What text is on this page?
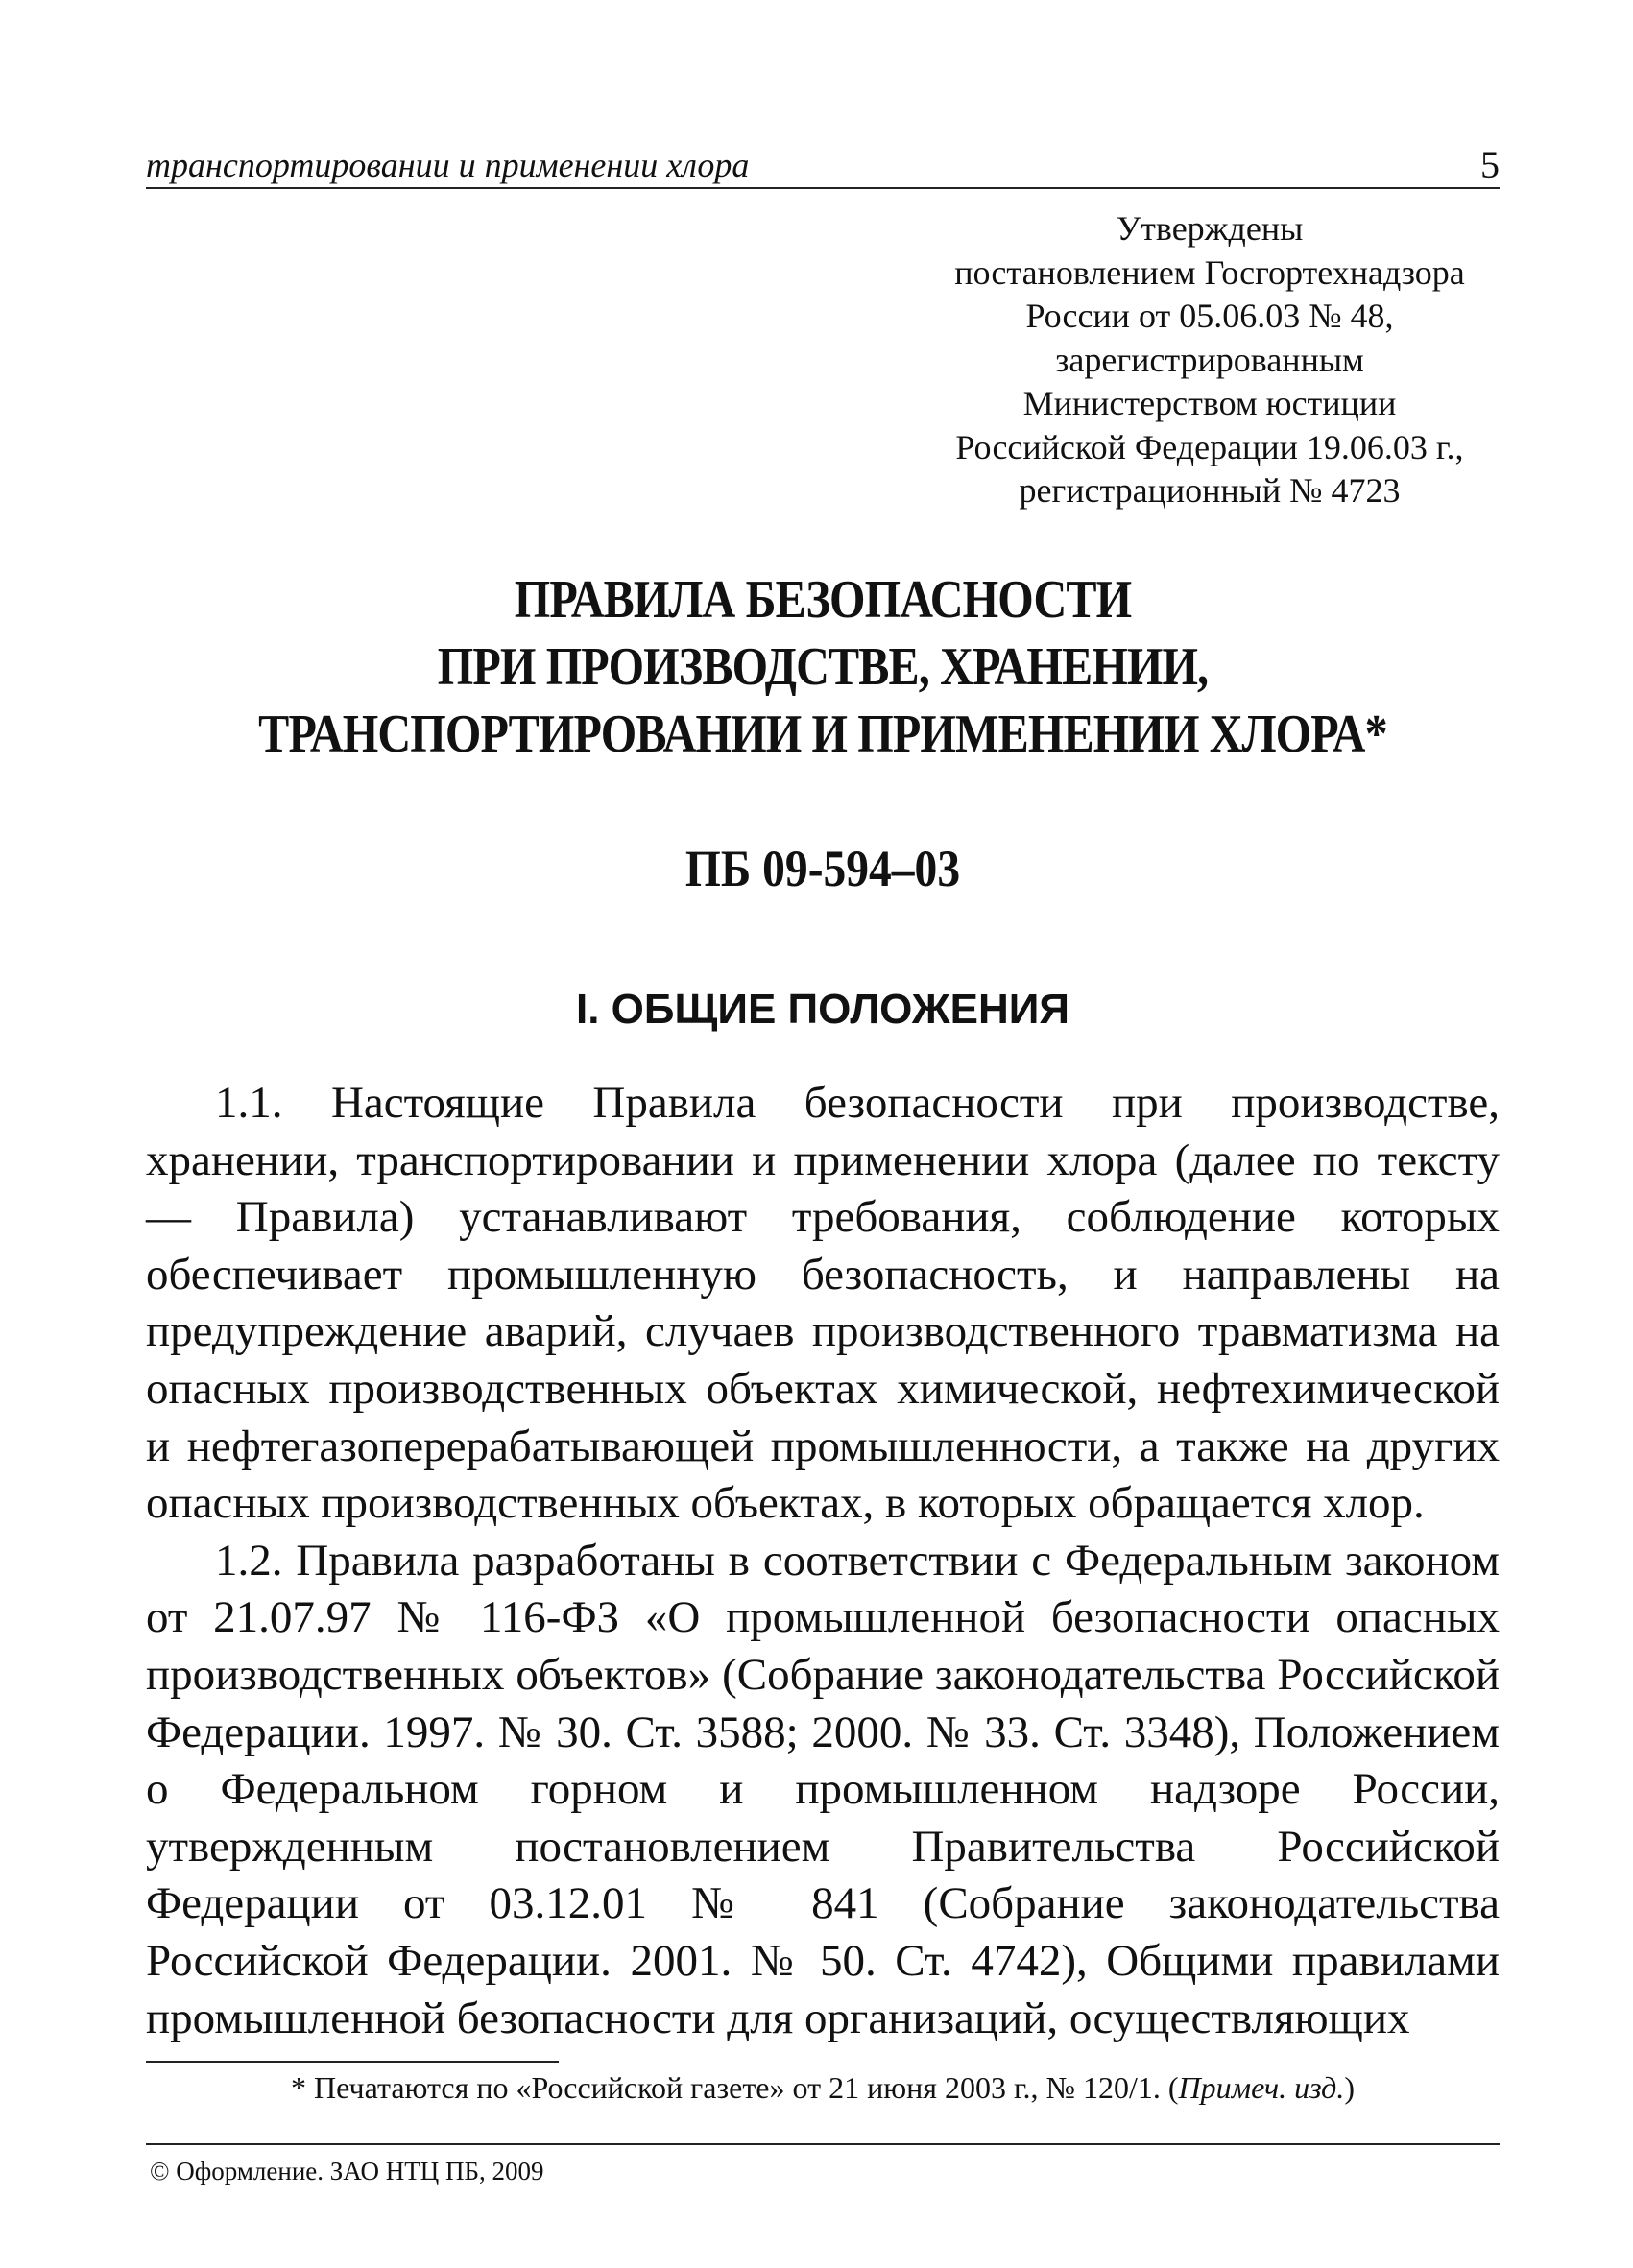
транспортировании и применении хлора	5
Утверждены
постановлением Госгортехнадзора
России от 05.06.03 № 48,
зарегистрированным
Министерством юстиции
Российской Федерации 19.06.03 г.,
регистрационный № 4723
ПРАВИЛА БЕЗОПАСНОСТИ
ПРИ ПРОИЗВОДСТВЕ, ХРАНЕНИИ,
ТРАНСПОРТИРОВАНИИ И ПРИМЕНЕНИИ ХЛОРА*
ПБ 09-594–03
I. ОБЩИЕ ПОЛОЖЕНИЯ

1.1. Настоящие Правила безопасности при производстве, хранении, транспортировании и применении хлора (далее по тексту — Правила) устанавливают требования, соблюдение которых обеспечивает промышленную безопасность, и направлены на предупреждение аварий, случаев производственного травматизма на опасных производственных объектах химической, нефтехимической и нефтегазоперерабатывающей промышленности, а также на других опасных производственных объектах, в которых обращается хлор.

1.2. Правила разработаны в соответствии с Федеральным законом от 21.07.97 № 116-ФЗ «О промышленной безопасности опасных производственных объектов» (Собрание законодательства Российской Федерации. 1997. № 30. Ст. 3588; 2000. № 33. Ст. 3348), Положением о Федеральном горном и промышленном надзоре России, утвержденным постановлением Правительства Российской Федерации от 03.12.01 № 841 (Собрание законодательства Российской Федерации. 2001. № 50. Ст. 4742), Общими правилами промышленной безопасности для организаций, осуществляющих

* Печатаются по «Российской газете» от 21 июня 2003 г., № 120/1. (Примеч. изд.)
© Оформление. ЗАО НТЦ ПБ, 2009
